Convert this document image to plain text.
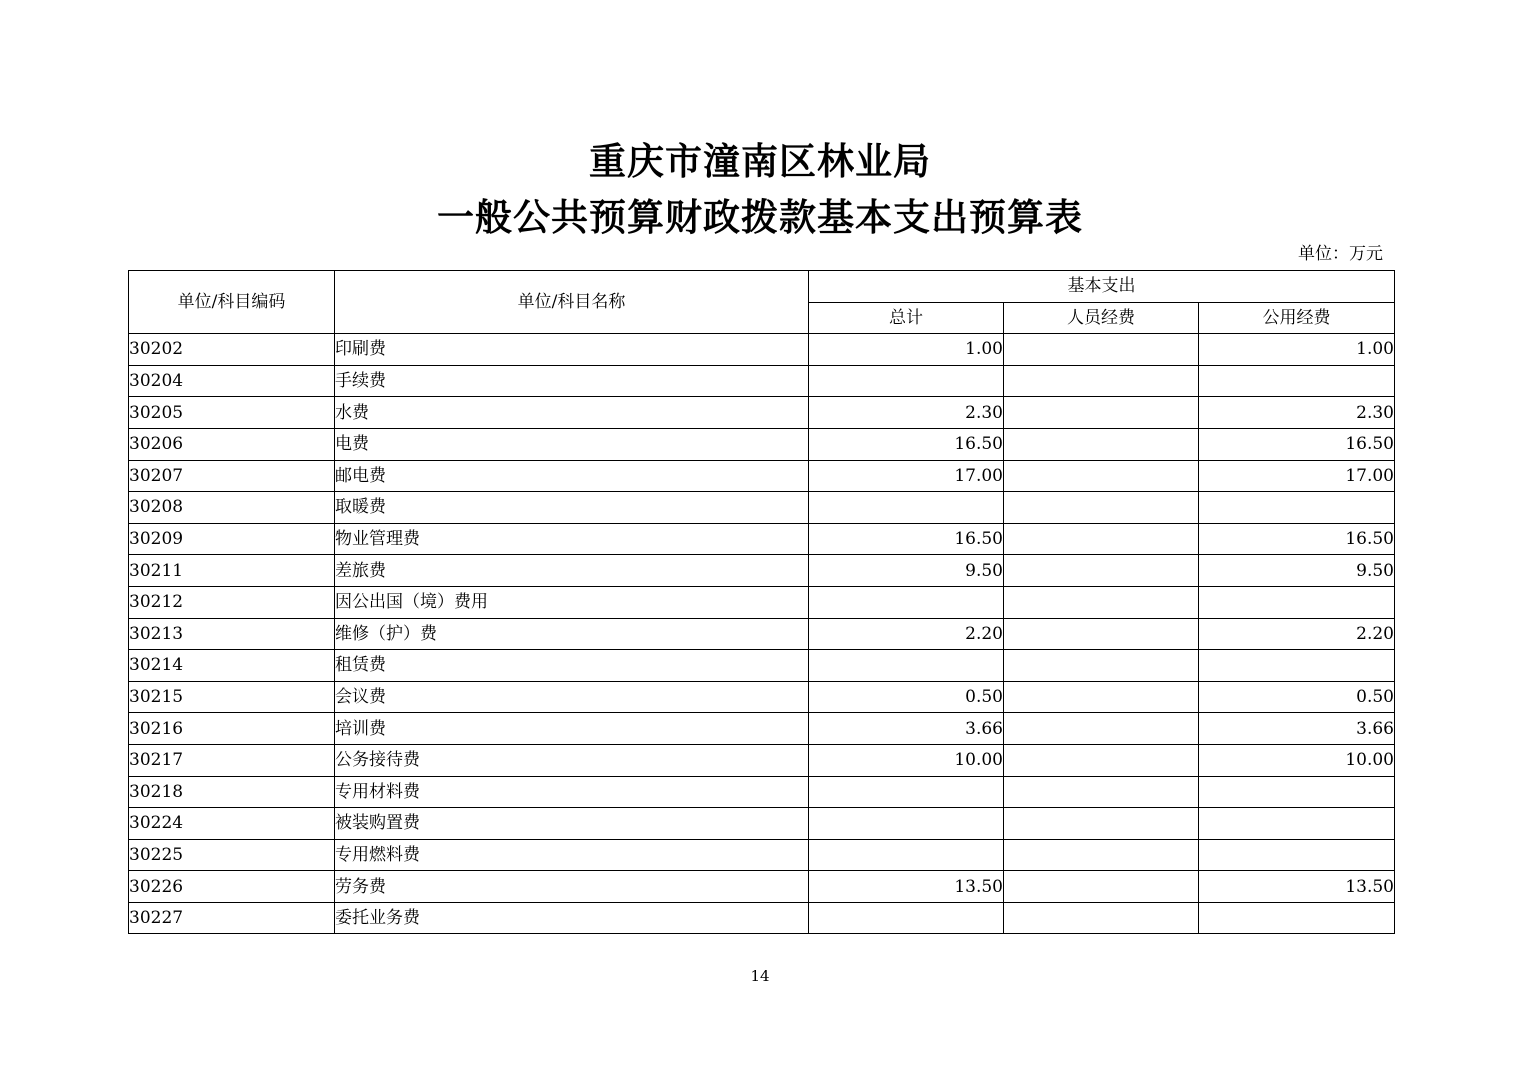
重庆市潼南区林业局
一般公共预算财政拨款基本支出预算表
单位：万元
单位/科目编码	单位/科目名称	基本支出		
		总计	人员经费	公用经费
30202	印刷费	1.00		1.00
30204	手续费			
30205	水费	2.30		2.30
30206	电费	16.50		16.50
30207	邮电费	17.00		17.00
30208	取暖费			
30209	物业管理费	16.50		16.50
30211	差旅费	9.50		9.50
30212	因公出国（境）费用			
30213	维修（护）费	2.20		2.20
30214	租赁费			
30215	会议费	0.50		0.50
30216	培训费	3.66		3.66
30217	公务接待费	10.00		10.00
30218	专用材料费			
30224	被装购置费			
30225	专用燃料费			
30226	劳务费	13.50		13.50
30227	委托业务费			
14
